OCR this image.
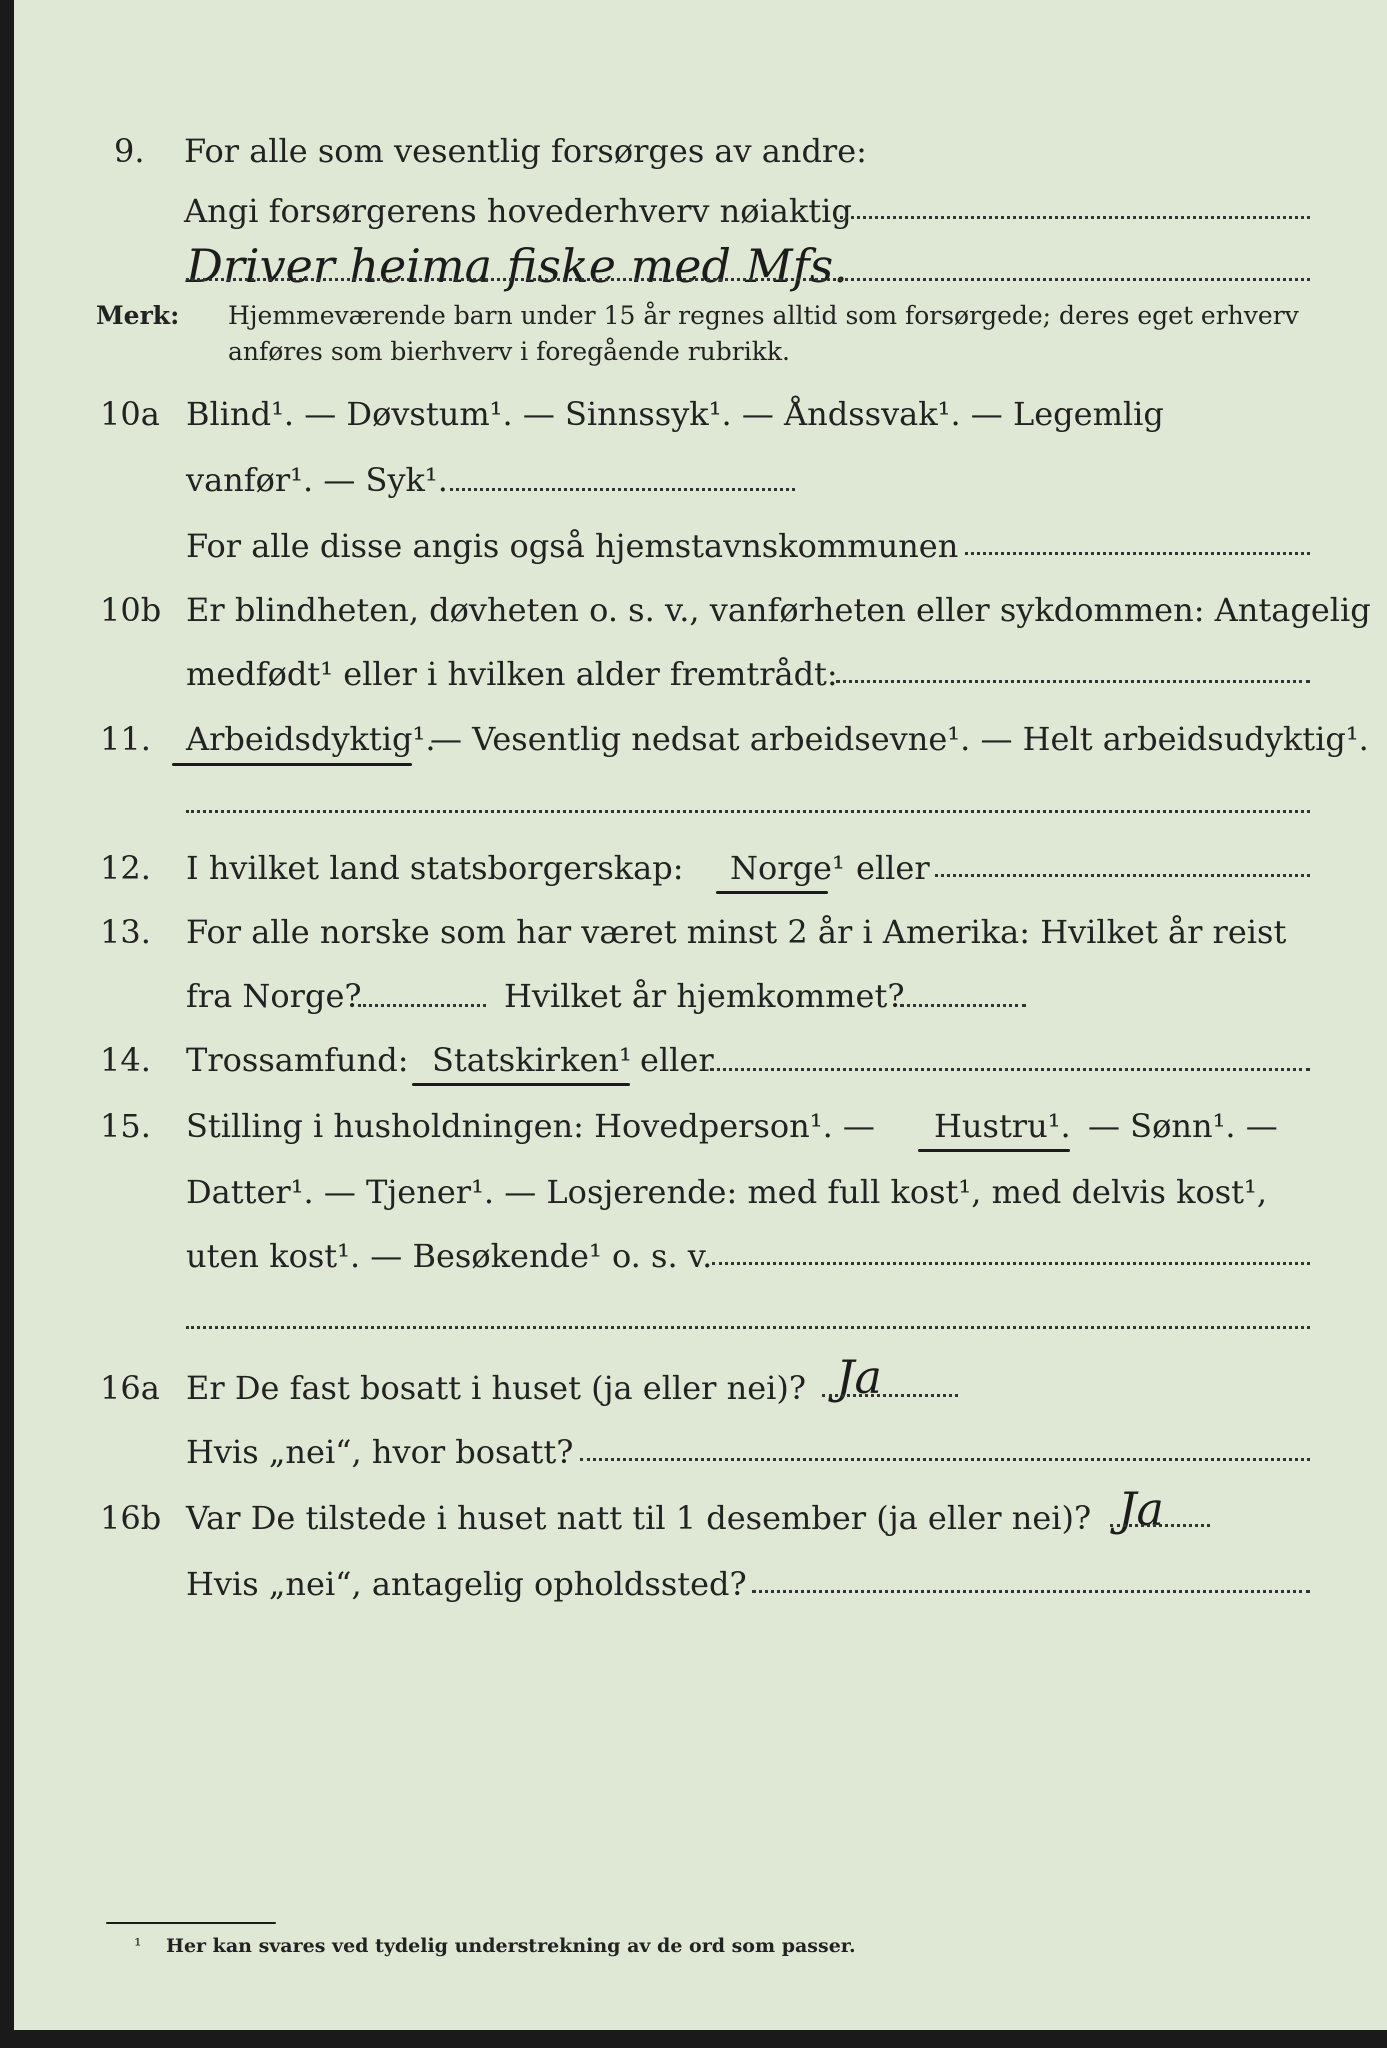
9. For alle som vesentlig forsørges av andre:
Angi forsørgerens hovederhverv nøiaktig
Driver heima fiske med Mfs.
Merk: Hjemmeværende barn under 15 år regnes alltid som forsørgede; deres eget erhverv
anføres som bierhverv i foregående rubrikk.
10a Blind¹. — Døvstum¹. — Sinnssyk¹. — Åndssvak¹. — Legemlig
vanfør¹. — Syk¹.
For alle disse angis også hjemstavnskommunen
10b Er blindheten, døvheten o. s. v., vanførheten eller sykdommen: Antagelig
medfødt¹ eller i hvilken alder fremtrådt:
11. Arbeidsdyktig¹.
— Vesentlig nedsat arbeidsevne¹. — Helt arbeidsudyktig¹.
12. I hvilket land statsborgerskap: Norge¹ eller
13. For alle norske som har været minst 2 år i Amerika: Hvilket år reist
fra Norge?	Hvilket år hjemkommet?
14. Trossamfund: Statskirken¹ eller
15. Stilling i husholdningen: Hovedperson¹. — Hustru¹. — Sønn¹. —
Datter¹. — Tjener¹. — Losjerende: med full kost¹, med delvis kost¹,
uten kost¹. — Besøkende¹ o. s. v.
16a Er De fast bosatt i huset (ja eller nei)? Ja
Hvis „nei“, hvor bosatt?
16b Var De tilstede i huset natt til 1 desember (ja eller nei)? Ja
Hvis „nei“, antagelig opholdssted?
¹ Her kan svares ved tydelig understrekning av de ord som passer.
